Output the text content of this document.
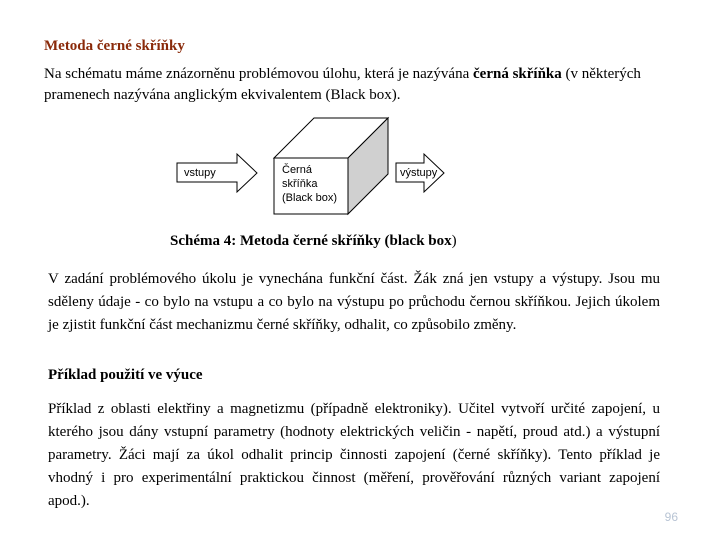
Metoda černé skříňky
Na schématu máme znázorněnu problémovou úlohu, která je nazývána černá skříňka (v některých pramenech nazývána anglickým ekvivalentem (Black box).
vstupy	Černá
skříňka
(Black box)
výstupy
Schéma 4: Metoda černé skříňky (black box)
V zadání problémového úkolu je vynechána funkční část. Žák zná jen vstupy a výstupy. Jsou mu sděleny údaje - co bylo na vstupu a co bylo na výstupu po průchodu černou skříňkou. Jejich úkolem je zjistit funkční část mechanizmu černé skříňky, odhalit, co způsobilo změny.
Příklad použití ve výuce
Příklad z oblasti elektřiny a magnetizmu (případně elektroniky). Učitel vytvoří určité zapojení, u kterého jsou dány vstupní parametry (hodnoty elektrických veličin - napětí, proud atd.) a výstupní parametry. Žáci mají za úkol odhalit princip činnosti zapojení (černé skříňky). Tento příklad je vhodný i pro experimentální praktickou činnost (měření, prověřování různých variant zapojení apod.).
96
